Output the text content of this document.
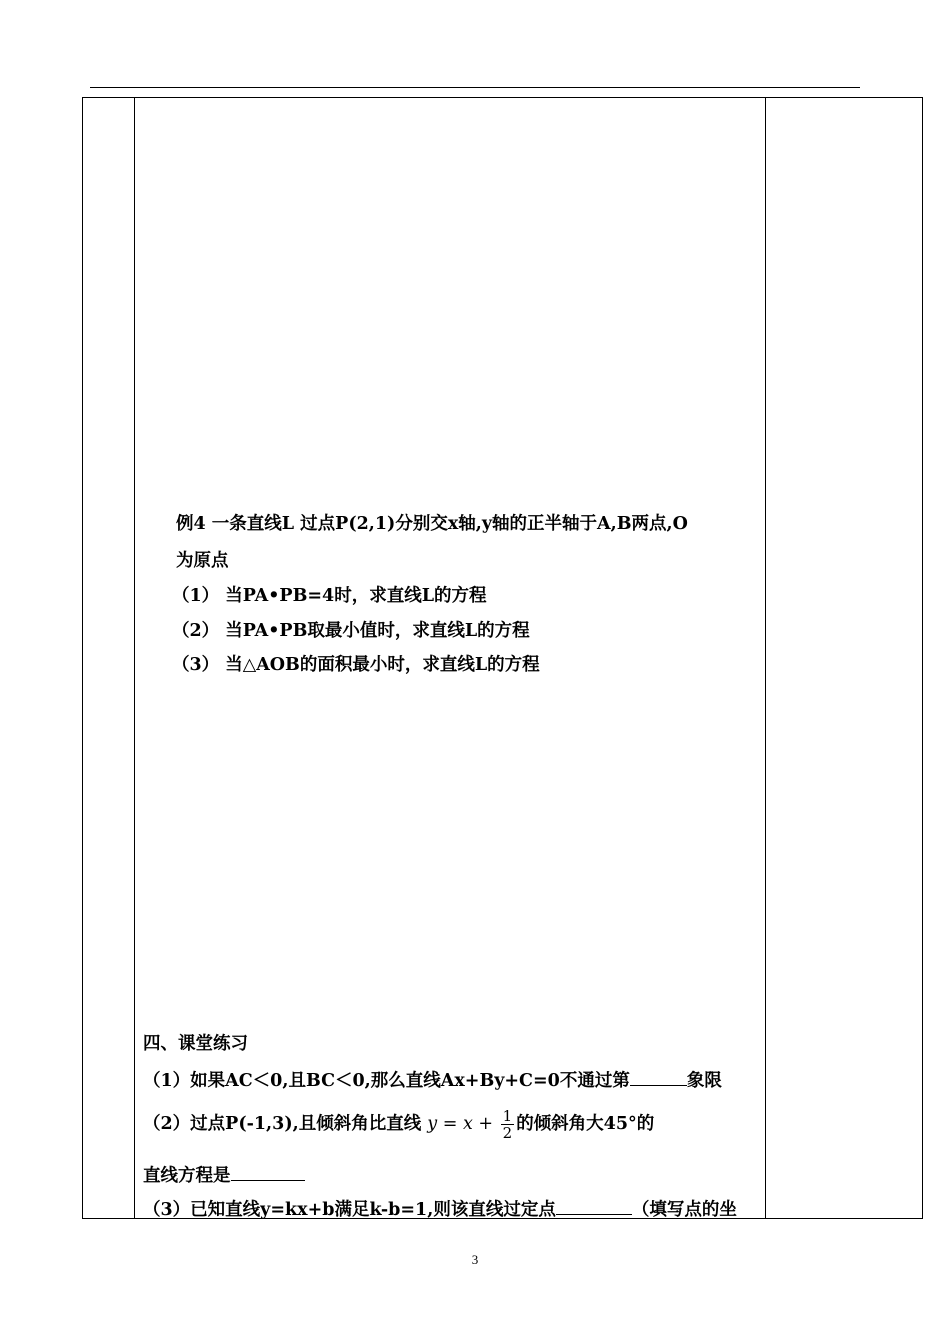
例4 一条直线L 过点P(2,1)分别交x轴,y轴的正半轴于A,B两点,O
为原点
（1） 当PA•PB=4时，求直线L的方程
（2） 当PA•PB取最小值时，求直线L的方程
（3） 当△AOB的面积最小时，求直线L的方程
四、课堂练习
（1）如果AC＜0,且BC＜0,那么直线Ax+By+C=0不通过第	象限
（2）过点P(-1,3),且倾斜角比直线 $y = x + \frac{1}{2}$ 的倾斜角大45°的
直线方程是
（3）已知直线y=kx+b满足k-b=1,则该直线过定点	（填写点的坐
3
